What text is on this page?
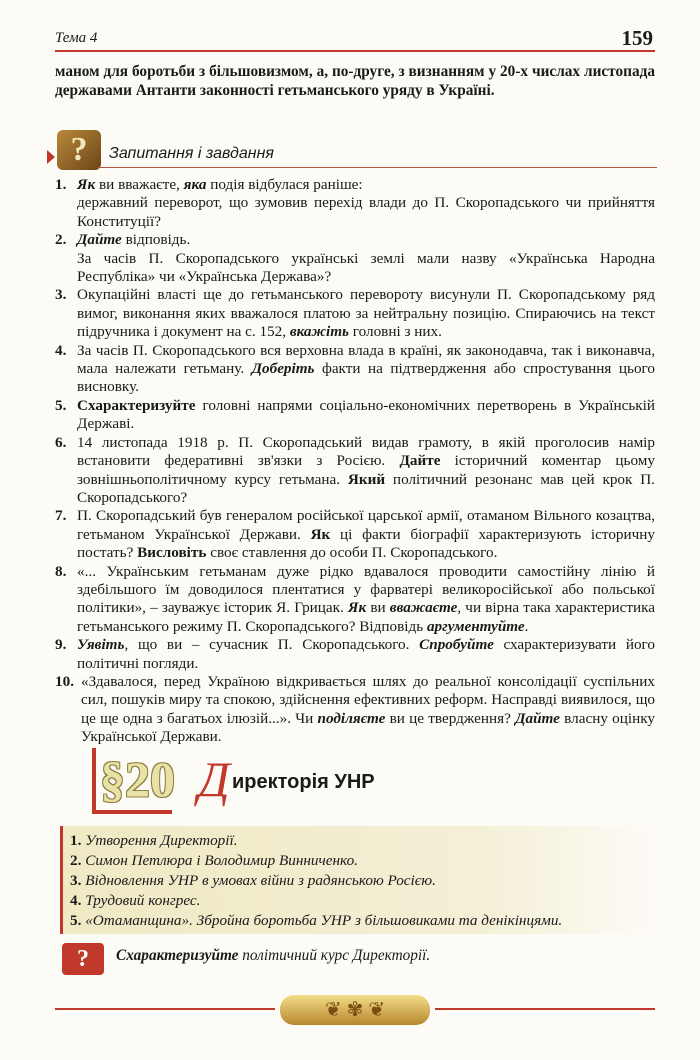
Тема 4	159
маном для боротьби з більшовизмом, а, по-друге, з визнанням у 20-х числах листопада державами Антанти законності гетьманського уряду в Україні.
?	Запитання і завдання
1. Як ви вважаєте, яка подія відбулася раніше:
державний переворот, що зумовив перехід влади до П. Скоропадського чи прийняття Конституції?
2. Дайте відповідь.
За часів П. Скоропадського українські землі мали назву «Українська Народна Республіка» чи «Українська Держава»?
3. Окупаційні власті ще до гетьманського перевороту висунули П. Скоропадському ряд вимог, виконання яких вважалося платою за нейтральну позицію. Спираючись на текст підручника і документ на с. 152, вкажіть головні з них.
4. За часів П. Скоропадського вся верховна влада в країні, як законодавча, так і виконавча, мала належати гетьману. Доберіть факти на підтвердження або спростування цього висновку.
5. Схарактеризуйте головні напрями соціально-економічних перетворень в Українській Державі.
6. 14 листопада 1918 р. П. Скоропадський видав грамоту, в якій проголосив намір встановити федеративні зв'язки з Росією. Дайте історичний коментар цьому зовнішньополітичному курсу гетьмана. Який політичний резонанс мав цей крок П. Скоропадського?
7. П. Скоропадський був генералом російської царської армії, отаманом Вільного козацтва, гетьманом Української Держави. Як ці факти біографії характеризують історичну постать? Висловіть своє ставлення до особи П. Скоропадського.
8. «... Українським гетьманам дуже рідко вдавалося проводити самостійну лінію й здебільшого їм доводилося плентатися у фарватері великоросійської або польської політики», – зауважує історик Я. Грицак. Як ви вважаєте, чи вірна така характеристика гетьманського режиму П. Скоропадського? Відповідь аргументуйте.
9. Уявіть, що ви – сучасник П. Скоропадського. Спробуйте схарактеризувати його політичні погляди.
10. «Здавалося, перед Україною відкривається шлях до реальної консолідації суспільних сил, пошуків миру та спокою, здійснення ефективних реформ. Насправді виявилося, що це ще одна з багатьох ілюзій...». Чи поділяєте ви це твердження? Дайте власну оцінку Української Держави.
§20 Д иректорія УНР
1. Утворення Директорії.
2. Симон Петлюра і Володимир Винниченко.
3. Відновлення УНР в умовах війни з радянською Росією.
4. Трудовий конгрес.
5. «Отаманщина». Збройна боротьба УНР з більшовиками та денікінцями.
?	Схарактеризуйте політичний курс Директорії.
❦ ✾ ❦
